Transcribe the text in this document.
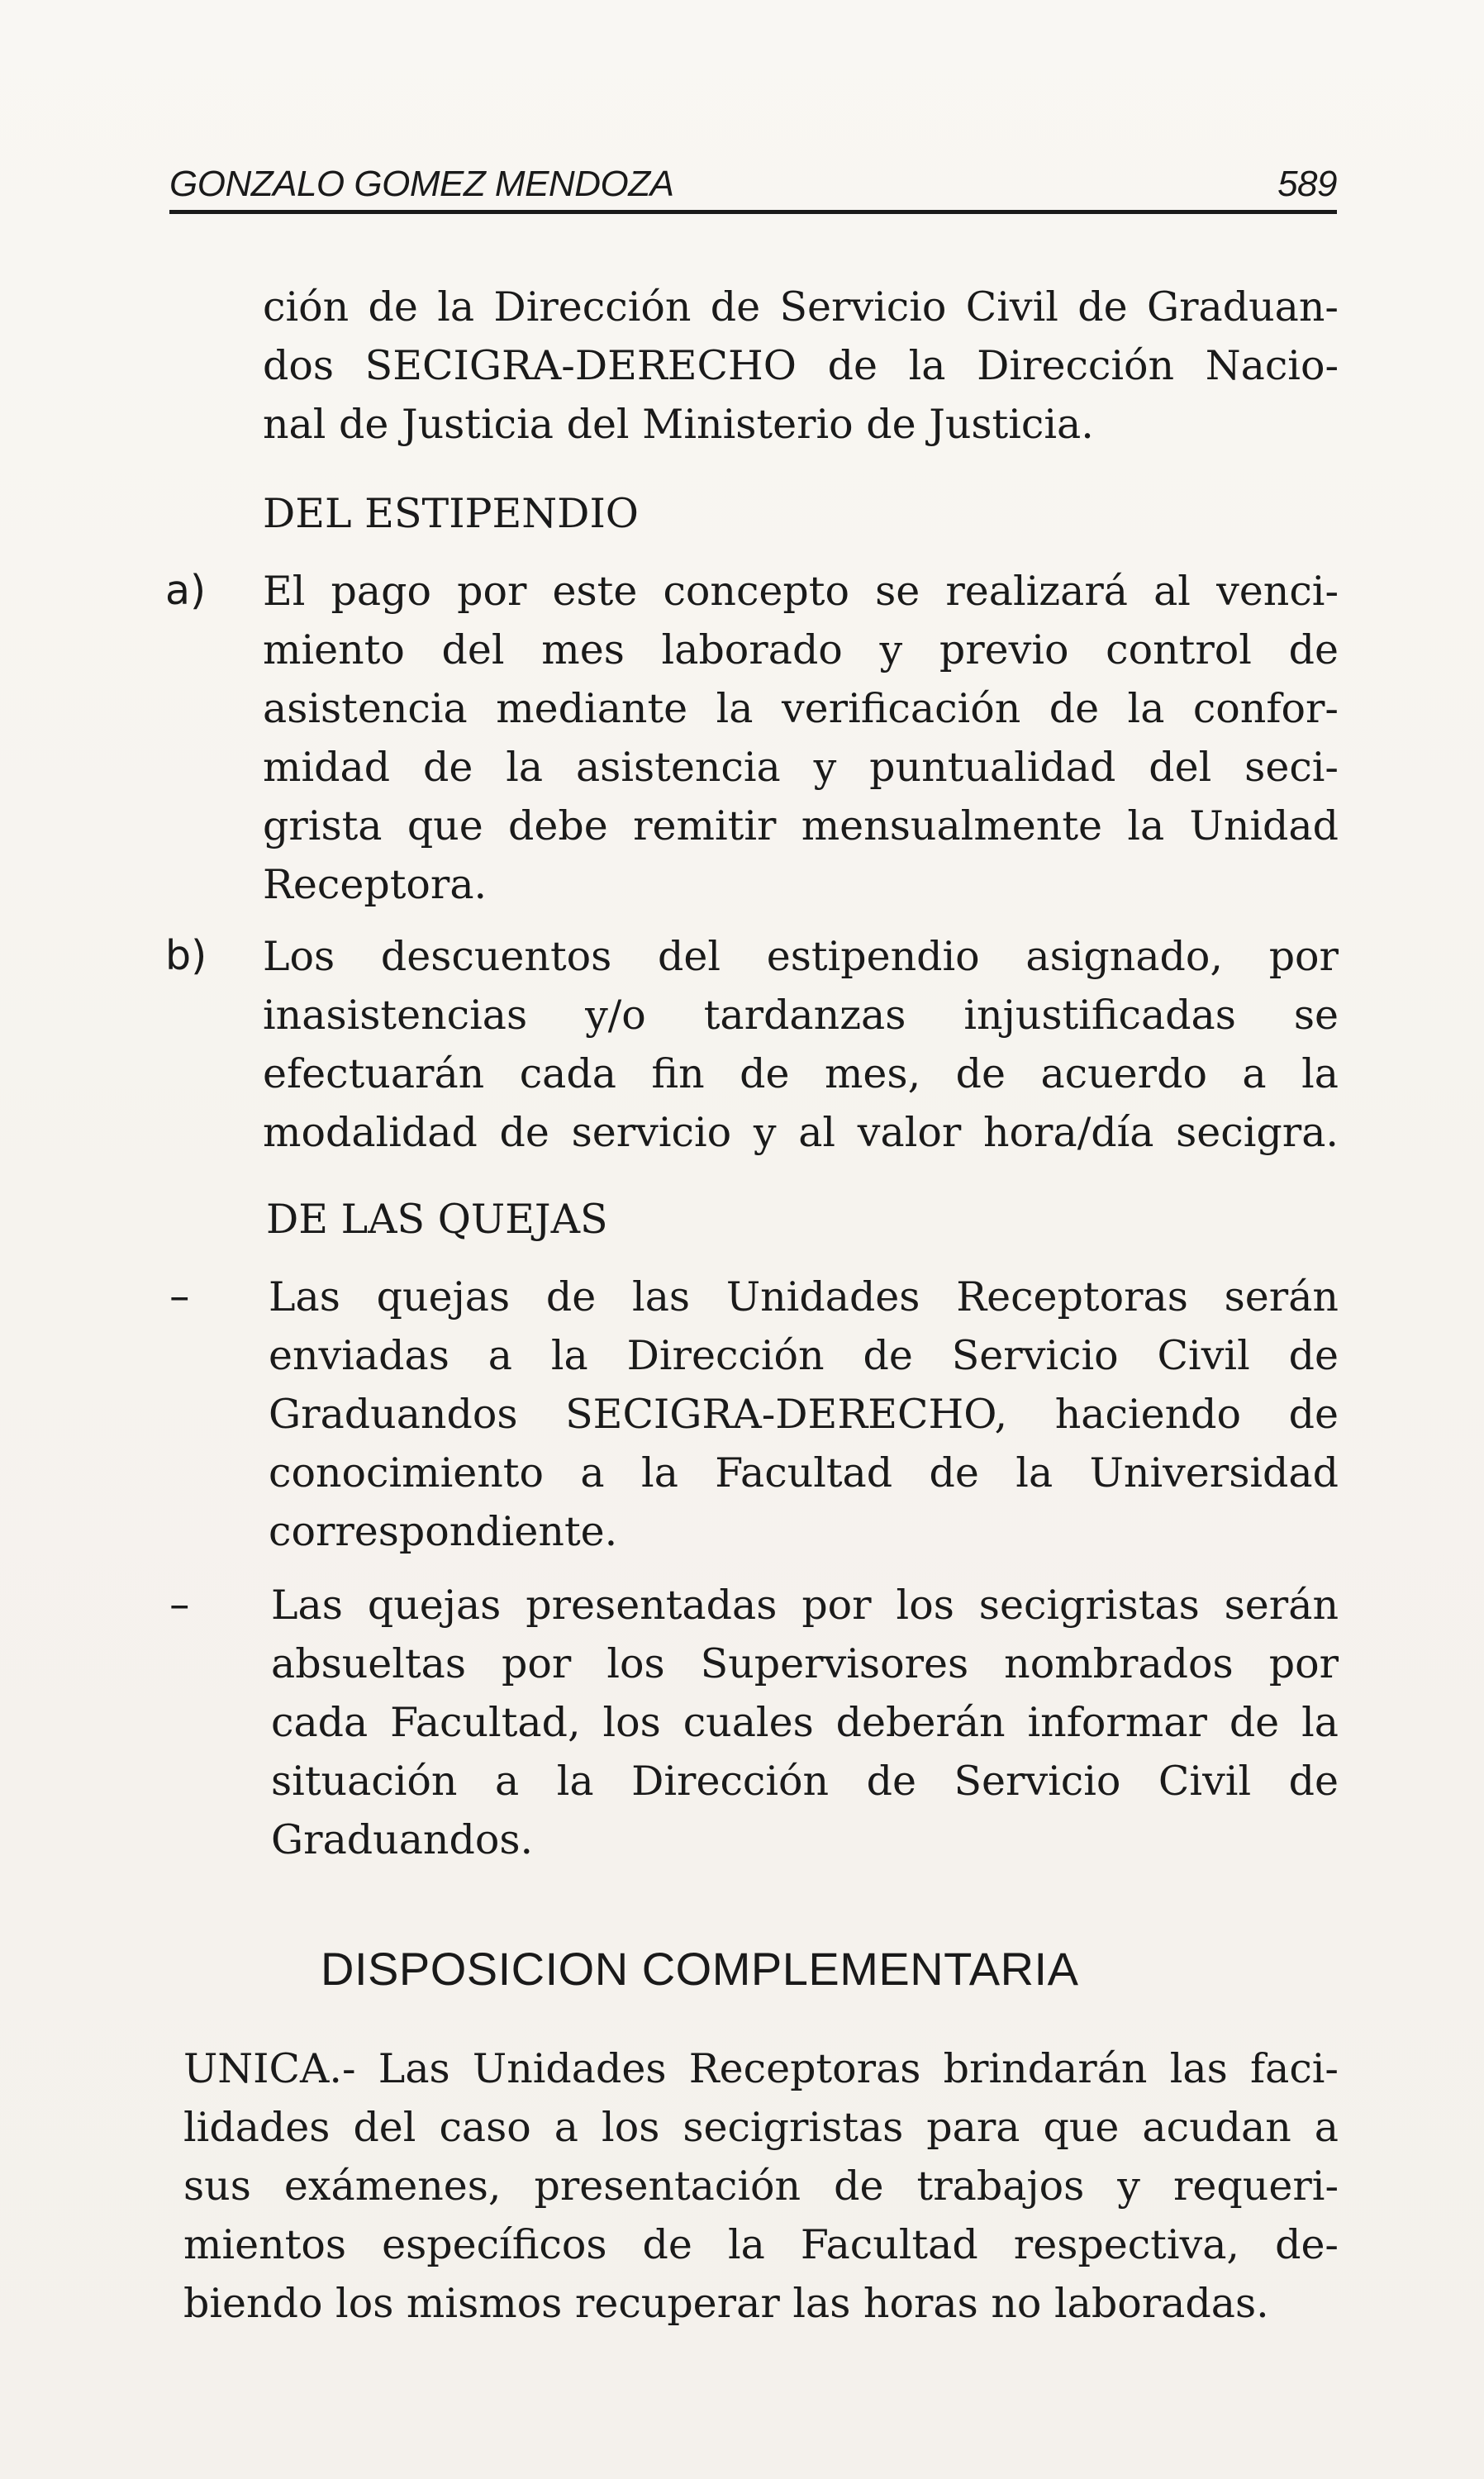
GONZALO GOMEZ MENDOZA	589
ción de la Dirección de Servicio Civil de Graduan-
dos SECIGRA-DERECHO de la Dirección Nacio-
nal de Justicia del Ministerio de Justicia.
DEL ESTIPENDIO
a) El pago por este concepto se realizará al venci-
miento del mes laborado y previo control de
asistencia mediante la verificación de la confor-
midad de la asistencia y puntualidad del seci-
grista que debe remitir mensualmente la Unidad
Receptora.
b) Los descuentos del estipendio asignado, por
inasistencias y/o tardanzas injustificadas se
efectuarán cada fin de mes, de acuerdo a la
modalidad de servicio y al valor hora/día secigra.
DE LAS QUEJAS
– Las quejas de las Unidades Receptoras serán
enviadas a la Dirección de Servicio Civil de
Graduandos SECIGRA-DERECHO, haciendo de
conocimiento a la Facultad de la Universidad
correspondiente.
– Las quejas presentadas por los secigristas serán
absueltas por los Supervisores nombrados por
cada Facultad, los cuales deberán informar de la
situación a la Dirección de Servicio Civil de
Graduandos.
DISPOSICION COMPLEMENTARIA
UNICA.- Las Unidades Receptoras brindarán las faci-
lidades del caso a los secigristas para que acudan a
sus exámenes, presentación de trabajos y requeri-
mientos específicos de la Facultad respectiva, de-
biendo los mismos recuperar las horas no laboradas.
